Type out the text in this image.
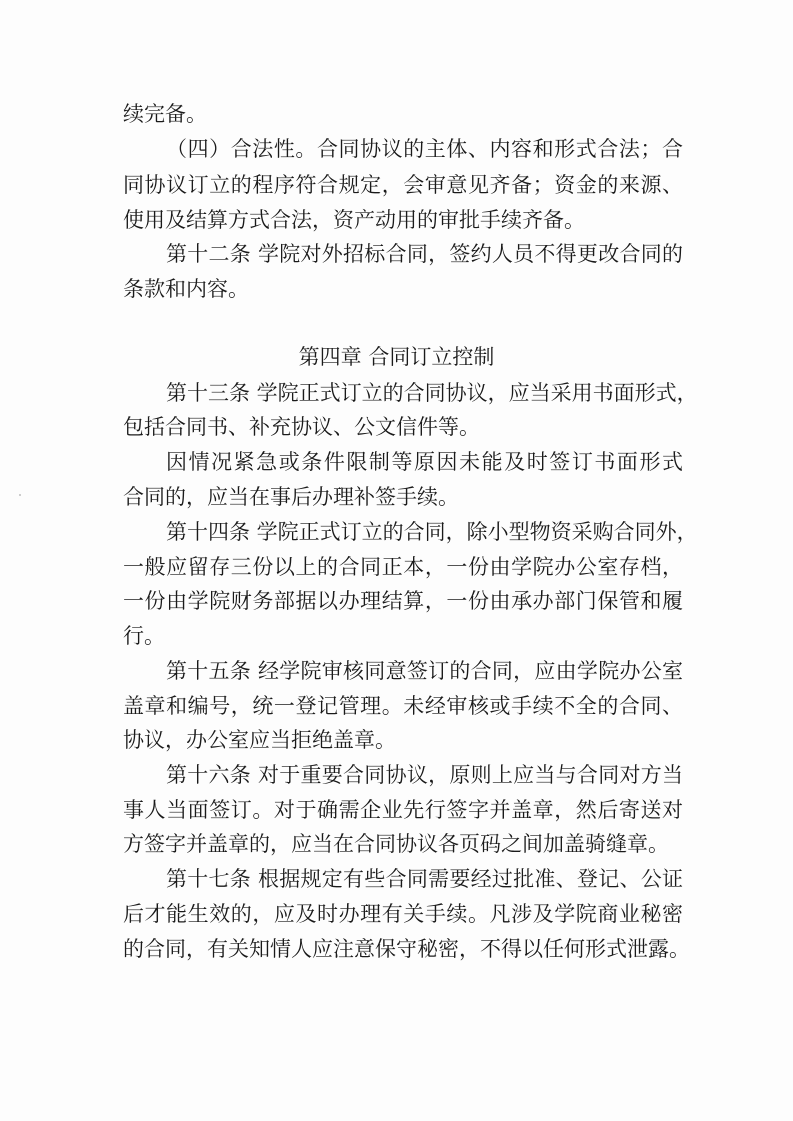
续完备。
（四）合法性。合同协议的主体、内容和形式合法；合
同协议订立的程序符合规定，会审意见齐备；资金的来源、
使用及结算方式合法，资产动用的审批手续齐备。
第十二条 学院对外招标合同，签约人员不得更改合同的
条款和内容。
第四章 合同订立控制
第十三条 学院正式订立的合同协议，应当采用书面形式，
包括合同书、补充协议、公文信件等。
因情况紧急或条件限制等原因未能及时签订书面形式
合同的，应当在事后办理补签手续。
第十四条 学院正式订立的合同，除小型物资采购合同外，
一般应留存三份以上的合同正本，一份由学院办公室存档，
一份由学院财务部据以办理结算，一份由承办部门保管和履
行。
第十五条 经学院审核同意签订的合同，应由学院办公室
盖章和编号，统一登记管理。未经审核或手续不全的合同、
协议，办公室应当拒绝盖章。
第十六条 对于重要合同协议，原则上应当与合同对方当
事人当面签订。对于确需企业先行签字并盖章，然后寄送对
方签字并盖章的，应当在合同协议各页码之间加盖骑缝章。
第十七条 根据规定有些合同需要经过批准、登记、公证
后才能生效的，应及时办理有关手续。凡涉及学院商业秘密
的合同，有关知情人应注意保守秘密，不得以任何形式泄露。
